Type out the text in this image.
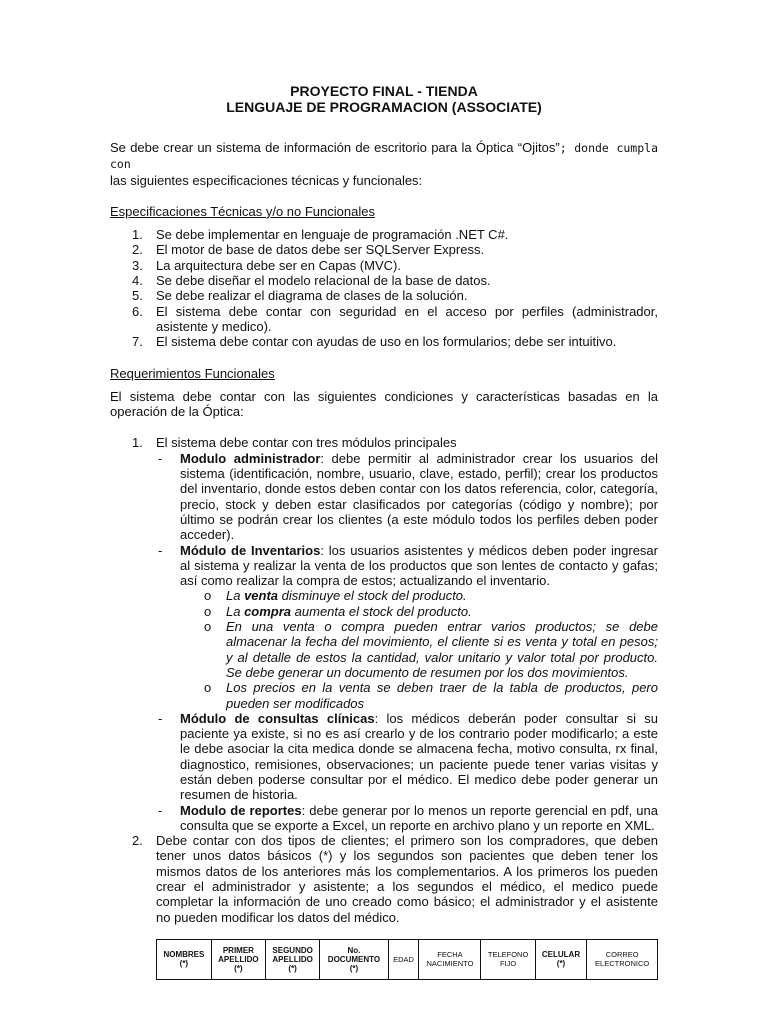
PROYECTO FINAL - TIENDA
LENGUAJE DE PROGRAMACION (ASSOCIATE)

Se debe crear un sistema de información de escritorio para la Óptica “Ojitos”; donde cumpla con
las siguientes especificaciones técnicas y funcionales:

Especificaciones Técnicas y/o no Funcionales

1. Se debe implementar en lenguaje de programación .NET C#.
2. El motor de base de datos debe ser SQLServer Express.
3. La arquitectura debe ser en Capas (MVC).
4. Se debe diseñar el modelo relacional de la base de datos.
5. Se debe realizar el diagrama de clases de la solución.
6. El sistema debe contar con seguridad en el acceso por perfiles (administrador, asistente y medico).
7. El sistema debe contar con ayudas de uso en los formularios; debe ser intuitivo.

Requerimientos Funcionales

El sistema debe contar con las siguientes condiciones y características basadas en la operación de la Óptica:

1. El sistema debe contar con tres módulos principales
- Modulo administrador: debe permitir al administrador crear los usuarios del sistema (identificación, nombre, usuario, clave, estado, perfil); crear los productos del inventario, donde estos deben contar con los datos referencia, color, categoría, precio, stock y deben estar clasificados por categorías (código y nombre); por último se podrán crear los clientes (a este módulo todos los perfiles deben poder acceder).
- Módulo de Inventarios: los usuarios asistentes y médicos deben poder ingresar al sistema y realizar la venta de los productos que son lentes de contacto y gafas; así como realizar la compra de estos; actualizando el inventario.
o La venta disminuye el stock del producto.
o La compra aumenta el stock del producto.
o En una venta o compra pueden entrar varios productos; se debe almacenar la fecha del movimiento, el cliente si es venta y total en pesos; y al detalle de estos la cantidad, valor unitario y valor total por producto. Se debe generar un documento de resumen por los dos movimientos.
o Los precios en la venta se deben traer de la tabla de productos, pero pueden ser modificados
- Módulo de consultas clínicas: los médicos deberán poder consultar si su paciente ya existe, si no es así crearlo y de los contrario poder modificarlo; a este le debe asociar la cita medica donde se almacena fecha, motivo consulta, rx final, diagnostico, remisiones, observaciones; un paciente puede tener varias visitas y están deben poderse consultar por el médico. El medico debe poder generar un resumen de historia.
- Modulo de reportes: debe generar por lo menos un reporte gerencial en pdf, una consulta que se exporte a Excel, un reporte en archivo plano y un reporte en XML.
2. Debe contar con dos tipos de clientes; el primero son los compradores, que deben tener unos datos básicos (*) y los segundos son pacientes que deben tener los mismos datos de los anteriores más los complementarios. A los primeros los pueden crear el administrador y asistente; a los segundos el médico, el medico puede completar la información de uno creado como básico; el administrador y el asistente no pueden modificar los datos del médico.
NOMBRES
(*)
	PRIMER
APELLIDO
(*)
	SEGUNDO
APELLIDO
(*)
	No.
DOCUMENTO
(*)
	EDAD	FECHA
NACIMIENTO
	TELEFONO
FIJO
	CELULAR
(*)
	CORREO
ELECTRONICO
